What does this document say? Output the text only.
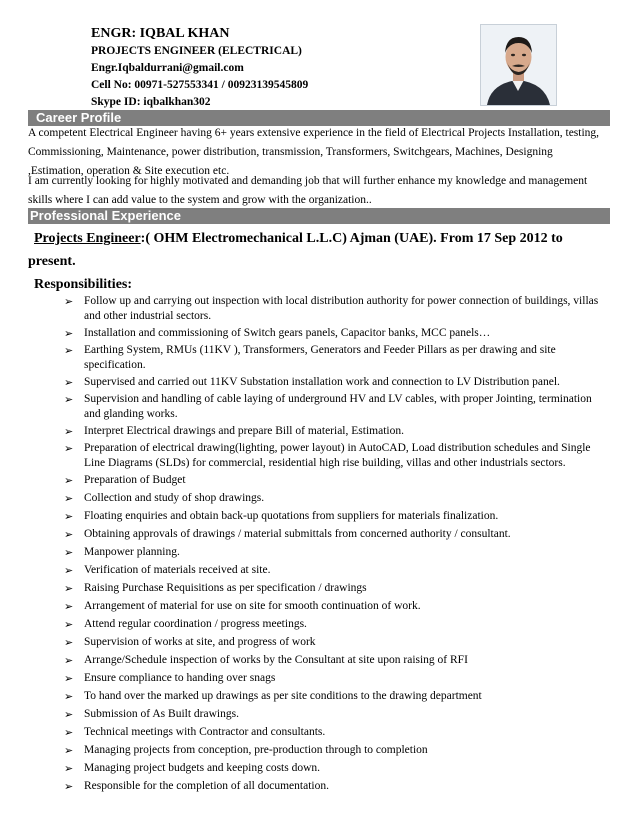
ENGR: IQBAL KHAN
PROJECTS ENGINEER (ELECTRICAL)
Engr.Iqbaldurrani@gmail.com
Cell No: 00971-527553341 / 00923139545809
Skype ID: iqbalkhan302
Career Profile
A competent Electrical Engineer having 6+ years extensive experience in the field of Electrical Projects Installation, testing, Commissioning, Maintenance, power distribution, transmission, Transformers, Switchgears, Machines, Designing ,Estimation, operation & Site execution etc.
I am currently looking for highly motivated and demanding job that will further enhance my knowledge and management skills where I can add value to the system and grow with the organization..
Professional Experience
Projects Engineer:( OHM Electromechanical L.L.C) Ajman (UAE). From 17 Sep 2012 to
present.
Responsibilities:
➢ Follow up and carrying out inspection with local distribution authority for power connection of buildings, villas and other industrial sectors.
➢ Installation and commissioning of Switch gears panels, Capacitor banks, MCC panels…
➢ Earthing System, RMUs (11KV ), Transformers, Generators and Feeder Pillars as per drawing and site specification.
➢ Supervised and carried out 11KV Substation installation work and connection to LV Distribution panel.
➢ Supervision and handling of cable laying of underground HV and LV cables, with proper Jointing, termination and glanding works.
➢ Interpret Electrical drawings and prepare Bill of material, Estimation.
➢ Preparation of electrical drawing(lighting, power layout) in AutoCAD, Load distribution schedules and Single Line Diagrams (SLDs) for commercial, residential high rise building, villas and other industrials sectors.
➢ Preparation of Budget
➢ Collection and study of shop drawings.
➢ Floating enquiries and obtain back-up quotations from suppliers for materials finalization.
➢ Obtaining approvals of drawings / material submittals from concerned authority / consultant.
➢ Manpower planning.
➢ Verification of materials received at site.
➢ Raising Purchase Requisitions as per specification / drawings
➢ Arrangement of material for use on site for smooth continuation of work.
➢ Attend regular coordination / progress meetings.
➢ Supervision of works at site, and progress of work
➢ Arrange/Schedule inspection of works by the Consultant at site upon raising of RFI
➢ Ensure compliance to handing over snags
➢ To hand over the marked up drawings as per site conditions to the drawing department
➢ Submission of As Built drawings.
➢ Technical meetings with Contractor and consultants.
➢ Managing projects from conception, pre-production through to completion
➢ Managing project budgets and keeping costs down.
➢ Responsible for the completion of all documentation.
